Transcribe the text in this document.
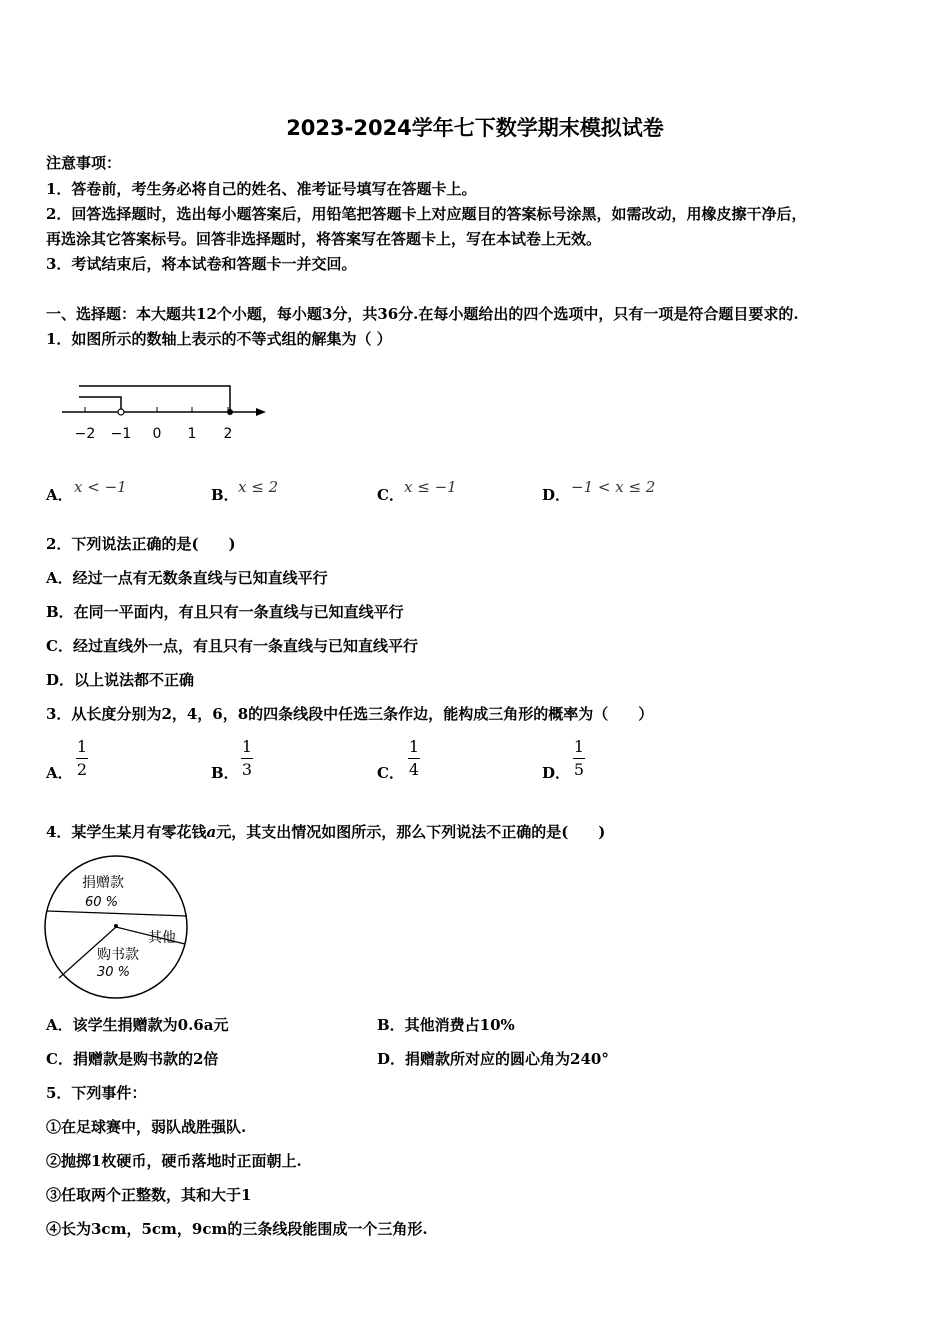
2023-2024学年七下数学期末模拟试卷
注意事项：
1．答卷前，考生务必将自己的姓名、准考证号填写在答题卡上。
2．回答选择题时，选出每小题答案后，用铅笔把答题卡上对应题目的答案标号涂黑，如需改动，用橡皮擦干净后，
再选涂其它答案标号。回答非选择题时，将答案写在答题卡上，写在本试卷上无效。
3．考试结束后，将本试卷和答题卡一并交回。
一、选择题：本大题共12个小题，每小题3分，共36分.在每小题给出的四个选项中，只有一项是符合题目要求的.
1．如图所示的数轴上表示的不等式组的解集为（ ）
−2 −1 0 1 2
A． x < −1	B． x ≤ 2	C． x ≤ −1	D． −1 < x ≤ 2
2．下列说法正确的是(　　)
A．经过一点有无数条直线与已知直线平行
B．在同一平面内，有且只有一条直线与已知直线平行
C．经过直线外一点，有且只有一条直线与已知直线平行
D．以上说法都不正确
3．从长度分别为2，4，6，8的四条线段中任选三条作边，能构成三角形的概率为（　　）
A．
1
2	B．
1
3	C．
1
4	D．
1
5
4．某学生某月有零花钱a元，其支出情况如图所示，那么下列说法不正确的是(　　)
捐赠款
60 %
其他
购书款
30 %
A．该学生捐赠款为0.6a元	B．其他消费占10%
C．捐赠款是购书款的2倍	D．捐赠款所对应的圆心角为240°
5．下列事件：
①在足球赛中，弱队战胜强队.
②抛掷1枚硬币，硬币落地时正面朝上.
③任取两个正整数，其和大于1
④长为3cm，5cm，9cm的三条线段能围成一个三角形.
